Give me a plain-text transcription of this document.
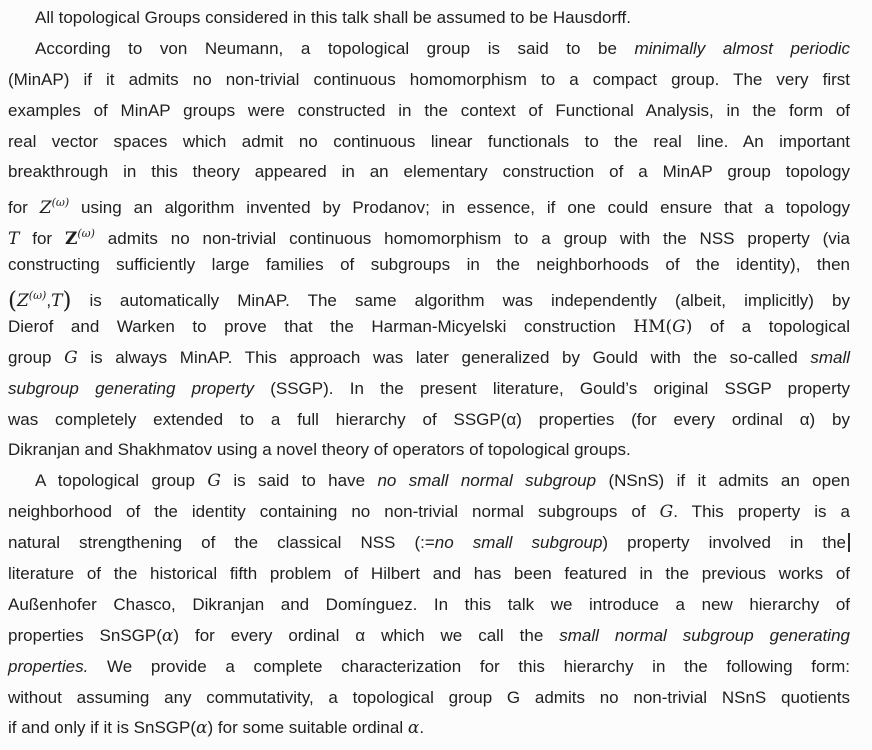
All topological Groups considered in this talk shall be assumed to be Hausdorff.
According to von Neumann, a topological group is said to be minimally almost periodic
(MinAP) if it admits no non-trivial continuous homomorphism to a compact group. The very first
examples of MinAP groups were constructed in the context of Functional Analysis, in the form of
real vector spaces which admit no continuous linear functionals to the real line. An important
breakthrough in this theory appeared in an elementary construction of a MinAP group topology
for $Z^{(\omega)}$ using an algorithm invented by Prodanov; in essence, if one could ensure that a topology
T for $Z^{(\omega)}$ admits no non-trivial continuous homomorphism to a group with the NSS property (via
constructing sufficiently large families of subgroups in the neighborhoods of the identity), then
$(Z^{(\omega)},T)$ is automatically MinAP. The same algorithm was independently (albeit, implicitly) by
Dierof and Warken to prove that the Harman-Micyelski construction HM(G) of a topological
group G is always MinAP. This approach was later generalized by Gould with the so-called small
subgroup generating property (SSGP). In the present literature, Gould’s original SSGP property
was completely extended to a full hierarchy of SSGP(α) properties (for every ordinal α) by
Dikranjan and Shakhmatov using a novel theory of operators of topological groups.
A topological group G is said to have no small normal subgroup (NSnS) if it admits an open
neighborhood of the identity containing no non-trivial normal subgroups of G. This property is a
natural strengthening of the classical NSS (:=no small subgroup) property involved in the
literature of the historical fifth problem of Hilbert and has been featured in the previous works of
Außenhofer Chasco, Dikranjan and Domínguez. In this talk we introduce a new hierarchy of
properties SnSGP(α) for every ordinal α which we call the small normal subgroup generating
properties. We provide a complete characterization for this hierarchy in the following form:
without assuming any commutativity, a topological group G admits no non-trivial NSnS quotients
if and only if it is SnSGP(α) for some suitable ordinal α.
